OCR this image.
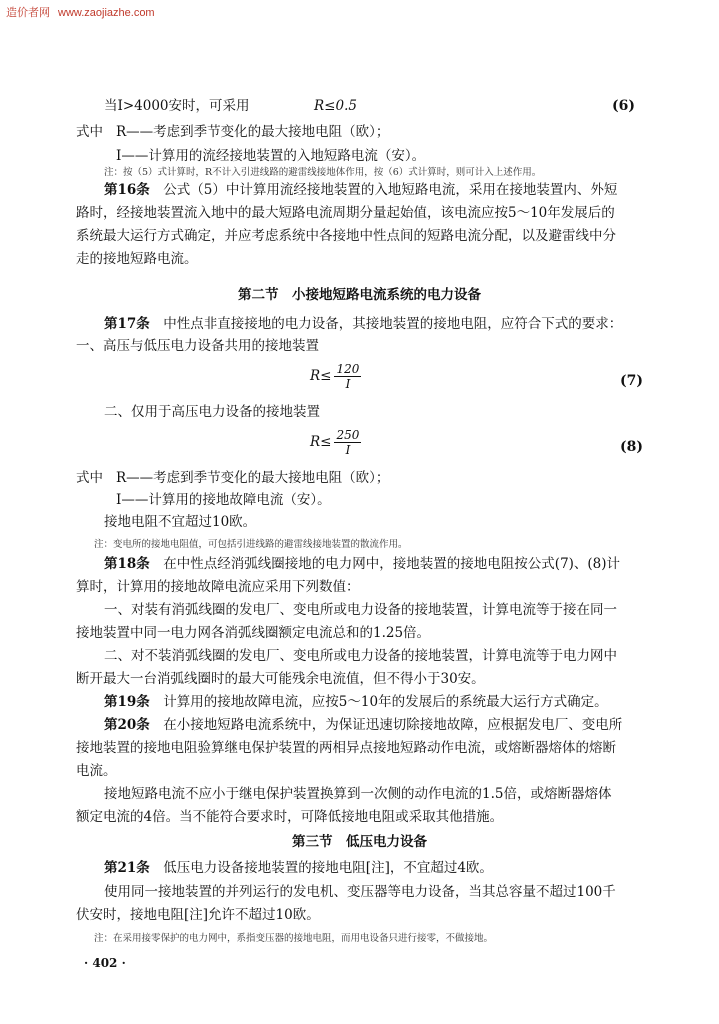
造价者网 www.zaojiazhe.com
当I>4000安时，可采用	R≤0.5	(6)
式中 R——考虑到季节变化的最大接地电阻（欧）；
I——计算用的流经接地装置的入地短路电流（安）。
注：按（5）式计算时，R不计入引进线路的避雷线接地体作用，按（6）式计算时，则可计入上述作用。
第16条　 公式（5）中计算用流经接地装置的入地短路电流，采用在接地装置内、外短
路时，经接地装置流入地中的最大短路电流周期分量起始值，该电流应按5～10年发展后的
系统最大运行方式确定，并应考虑系统中各接地中性点间的短路电流分配，以及避雷线中分
走的接地短路电流。
第二节　小接地短路电流系统的电力设备
第17条　 中性点非直接接地的电力设备，其接地装置的接地电阻，应符合下式的要求：
一、高压与低压电力设备共用的接地装置
$R\le \frac{120}{I}$	(7)
二、仅用于高压电力设备的接地装置
$R\le \frac{250}{I}$	(8)
式中 R——考虑到季节变化的最大接地电阻（欧）；
I——计算用的接地故障电流（安）。
接地电阻不宜超过10欧。
注：变电所的接地电阻值，可包括引进线路的避雷线接地装置的散流作用。
第18条　 在中性点经消弧线圈接地的电力网中，接地装置的接地电阻按公式(7)、(8)计
算时，计算用的接地故障电流应采用下列数值：
一、对装有消弧线圈的发电厂、变电所或电力设备的接地装置，计算电流等于接在同一
接地装置中同一电力网各消弧线圈额定电流总和的1.25倍。
二、对不装消弧线圈的发电厂、变电所或电力设备的接地装置，计算电流等于电力网中
断开最大一台消弧线圈时的最大可能残余电流值，但不得小于30安。
第19条　 计算用的接地故障电流，应按5～10年的发展后的系统最大运行方式确定。
第20条　 在小接地短路电流系统中，为保证迅速切除接地故障，应根据发电厂、变电所
接地装置的接地电阻验算继电保护装置的两相异点接地短路动作电流，或熔断器熔体的熔断
电流。
接地短路电流不应小于继电保护装置换算到一次侧的动作电流的1.5倍，或熔断器熔体
额定电流的4倍。当不能符合要求时，可降低接地电阻或采取其他措施。
第三节　低压电力设备
第21条　 低压电力设备接地装置的接地电阻[注]，不宜超过4欧。
使用同一接地装置的并列运行的发电机、变压器等电力设备，当其总容量不超过100千
伏安时，接地电阻[注]允许不超过10欧。
注：在采用接零保护的电力网中，系指变压器的接地电阻，而用电设备只进行接零，不做接地。
· 402 ·
